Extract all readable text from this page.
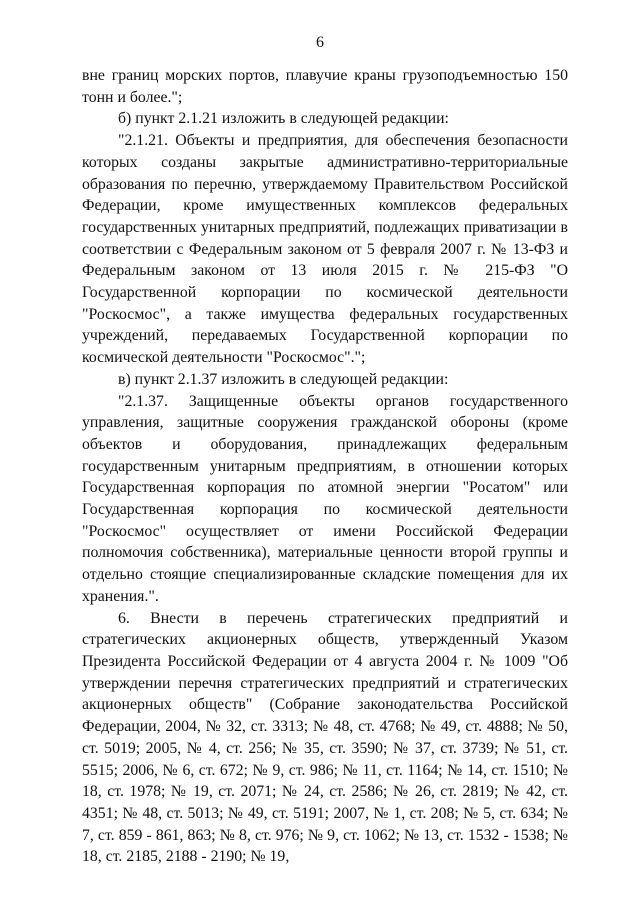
6

вне границ морских портов, плавучие краны грузоподъемностью 150 тонн и более.";

б) пункт 2.1.21 изложить в следующей редакции:

"2.1.21. Объекты и предприятия, для обеспечения безопасности которых созданы закрытые административно-территориальные образования по перечню, утверждаемому Правительством Российской Федерации, кроме имущественных комплексов федеральных государственных унитарных предприятий, подлежащих приватизации в соответствии с Федеральным законом от 5 февраля 2007 г. № 13-ФЗ и Федеральным законом от 13 июля 2015 г. № 215-ФЗ "О Государственной корпорации по космической деятельности "Роскосмос", а также имущества федеральных государственных учреждений, передаваемых Государственной корпорации по космической деятельности "Роскосмос".";

в) пункт 2.1.37 изложить в следующей редакции:

"2.1.37. Защищенные объекты органов государственного управления, защитные сооружения гражданской обороны (кроме объектов и оборудования, принадлежащих федеральным государственным унитарным предприятиям, в отношении которых Государственная корпорация по атомной энергии "Росатом" или Государственная корпорация по космической деятельности "Роскосмос" осуществляет от имени Российской Федерации полномочия собственника), материальные ценности второй группы и отдельно стоящие специализированные складские помещения для их хранения.".

6. Внести в перечень стратегических предприятий и стратегических акционерных обществ, утвержденный Указом Президента Российской Федерации от 4 августа 2004 г. № 1009 "Об утверждении перечня стратегических предприятий и стратегических акционерных обществ" (Собрание законодательства Российской Федерации, 2004, № 32, ст. 3313; № 48, ст. 4768; № 49, ст. 4888; № 50, ст. 5019; 2005, № 4, ст. 256; № 35, ст. 3590; № 37, ст. 3739; № 51, ст. 5515; 2006, № 6, ст. 672; № 9, ст. 986; № 11, ст. 1164; № 14, ст. 1510; № 18, ст. 1978; № 19, ст. 2071; № 24, ст. 2586; № 26, ст. 2819; № 42, ст. 4351; № 48, ст. 5013; № 49, ст. 5191; 2007, № 1, ст. 208; № 5, ст. 634; № 7, ст. 859 - 861, 863; № 8, ст. 976; № 9, ст. 1062; № 13, ст. 1532 - 1538; № 18, ст. 2185, 2188 - 2190; № 19,
